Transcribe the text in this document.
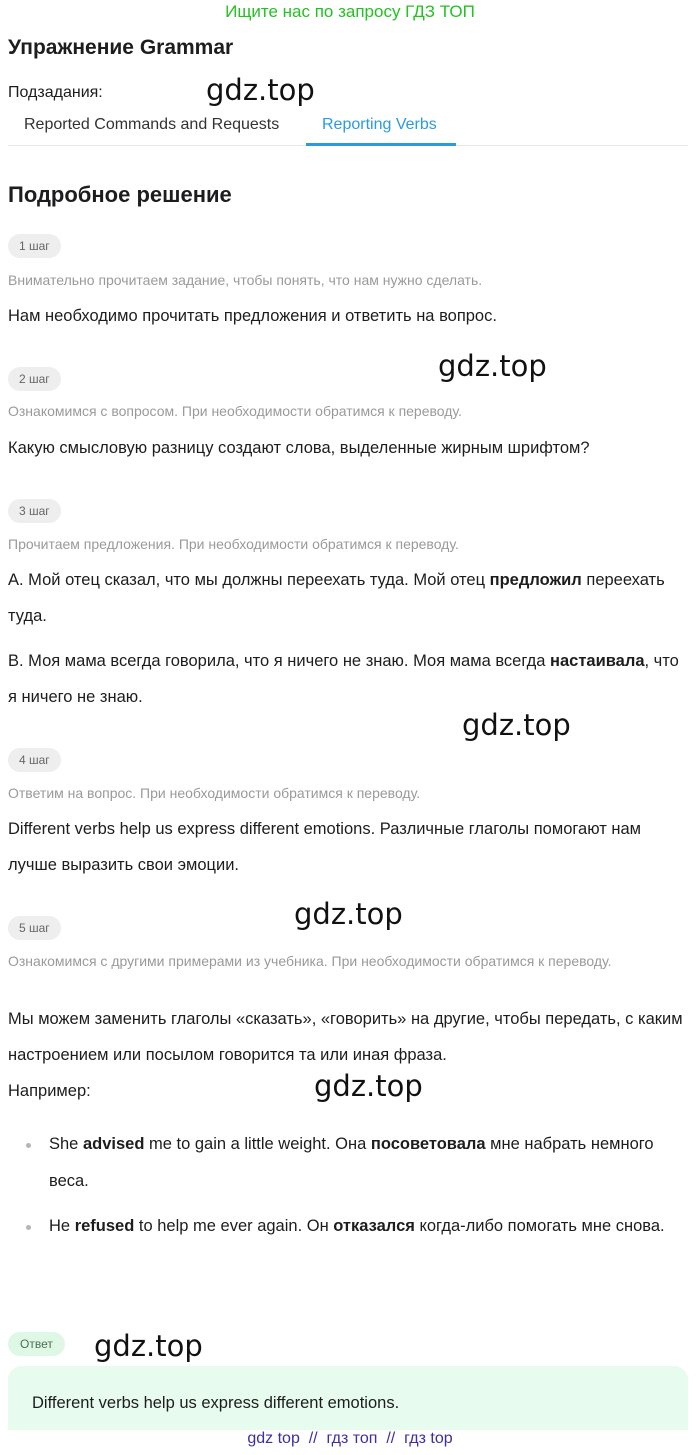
Ищите нас по запросу ГДЗ ТОП
Упражнение Grammar
Подзадания:	gdz.top
Reported Commands and Requests	Reporting Verbs
Подробное решение
1 шаг
Внимательно прочитаем задание, чтобы понять, что нам нужно сделать.
Нам необходимо прочитать предложения и ответить на вопрос.
gdz.top
2 шаг
Ознакомимся с вопросом. При необходимости обратимся к переводу.
Какую смысловую разницу создают слова, выделенные жирным шрифтом?
3 шаг
Прочитаем предложения. При необходимости обратимся к переводу.
A. Мой отец сказал, что мы должны переехать туда. Мой отец предложил переехать туда.
B. Моя мама всегда говорила, что я ничего не знаю. Моя мама всегда настаивала, что я ничего не знаю.
gdz.top
4 шаг
Ответим на вопрос. При необходимости обратимся к переводу.
Different verbs help us express different emotions. Различные глаголы помогают нам лучше выразить свои эмоции.
gdz.top
5 шаг
Ознакомимся с другими примерами из учебника. При необходимости обратимся к переводу.
Мы можем заменить глаголы «сказать», «говорить» на другие, чтобы передать, с каким настроением или посылом говорится та или иная фраза.
Например:	gdz.top
She advised me to gain a little weight. Она посоветовала мне набрать немного веса.
He refused to help me ever again. Он отказался когда-либо помогать мне снова.
Ответ	gdz.top
Different verbs help us express different emotions.
gdz top // гдз топ // гдз top
